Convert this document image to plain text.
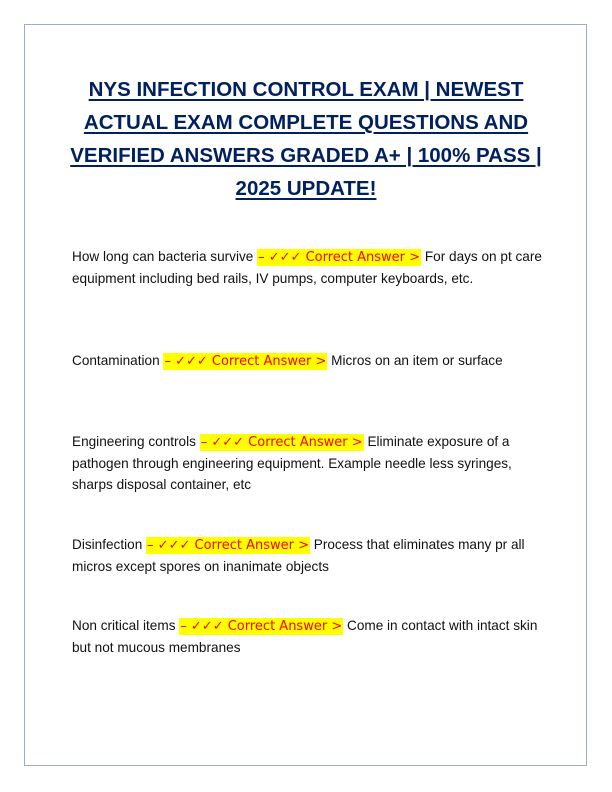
NYS INFECTION CONTROL EXAM | NEWEST ACTUAL EXAM COMPLETE QUESTIONS AND VERIFIED ANSWERS GRADED A+ | 100% PASS | 2025 UPDATE!

How long can bacteria survive – ✓✓✓ Correct Answer > For days on pt care equipment including bed rails, IV pumps, computer keyboards, etc.

Contamination – ✓✓✓ Correct Answer > Micros on an item or surface

Engineering controls – ✓✓✓ Correct Answer > Eliminate exposure of a pathogen through engineering equipment. Example needle less syringes, sharps disposal container, etc

Disinfection – ✓✓✓ Correct Answer > Process that eliminates many pr all micros except spores on inanimate objects

Non critical items – ✓✓✓ Correct Answer > Come in contact with intact skin but not mucous membranes
